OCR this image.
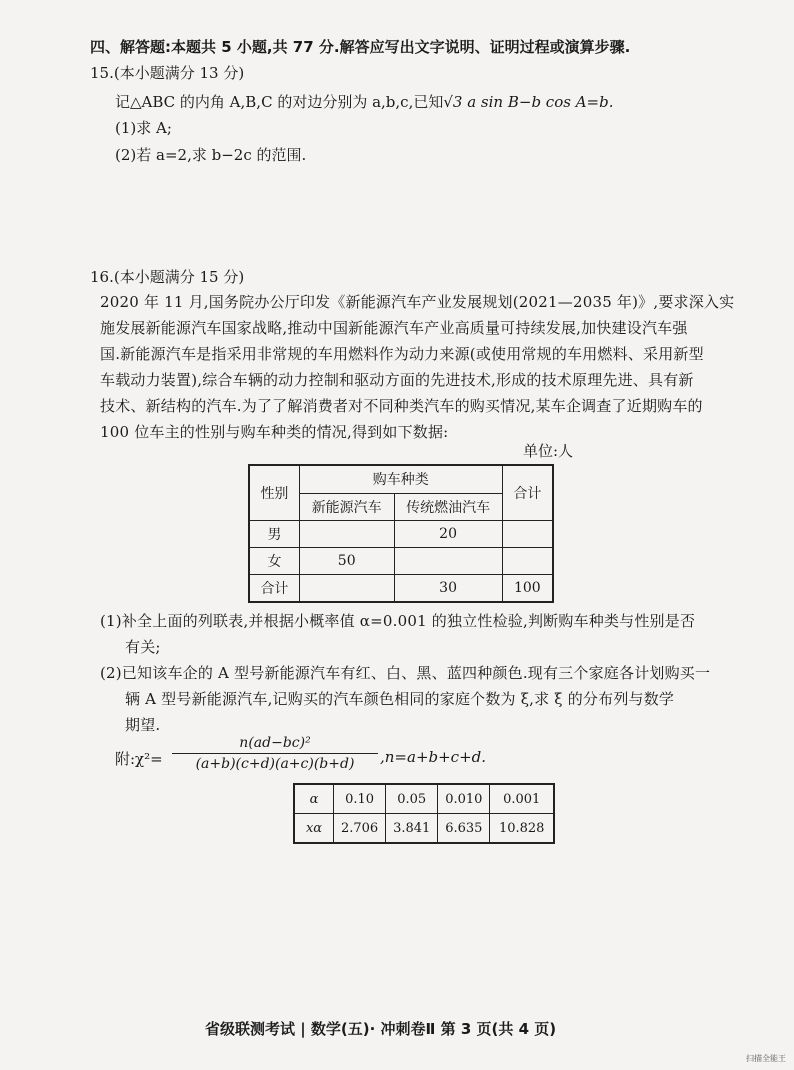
四、解答题:本题共 5 小题,共 77 分.解答应写出文字说明、证明过程或演算步骤.
15.(本小题满分 13 分)
记△ABC 的内角 A,B,C 的对边分别为 a,b,c,已知√3 a sin B−b cos A=b.
(1)求 A;
(2)若 a=2,求 b−2c 的范围.
16.(本小题满分 15 分)
2020 年 11 月,国务院办公厅印发《新能源汽车产业发展规划(2021—2035 年)》,要求深入实
施发展新能源汽车国家战略,推动中国新能源汽车产业高质量可持续发展,加快建设汽车强
国.新能源汽车是指采用非常规的车用燃料作为动力来源(或使用常规的车用燃料、采用新型
车载动力装置),综合车辆的动力控制和驱动方面的先进技术,形成的技术原理先进、具有新
技术、新结构的汽车.为了了解消费者对不同种类汽车的购买情况,某车企调查了近期购车的
100 位车主的性别与购车种类的情况,得到如下数据:
单位:人
性别	购车种类		合计
	新能源汽车	传统燃油汽车	
男		20	
女	50		
合计		30	100
(1)补全上面的列联表,并根据小概率值 α=0.001 的独立性检验,判断购车种类与性别是否
有关;
(2)已知该车企的 A 型号新能源汽车有红、白、黑、蓝四种颜色.现有三个家庭各计划购买一
辆 A 型号新能源汽车,记购买的汽车颜色相同的家庭个数为 ξ,求 ξ 的分布列与数学
期望.
附:χ²=
n(ad−bc)²
(a+b)(c+d)(a+c)(b+d)	,n=a+b+c+d.
α	0.10	0.05	0.010	0.001
xα	2.706	3.841	6.635	10.828
省级联测考试 | 数学(五)· 冲刺卷Ⅱ 第 3 页(共 4 页)
扫描全能王
